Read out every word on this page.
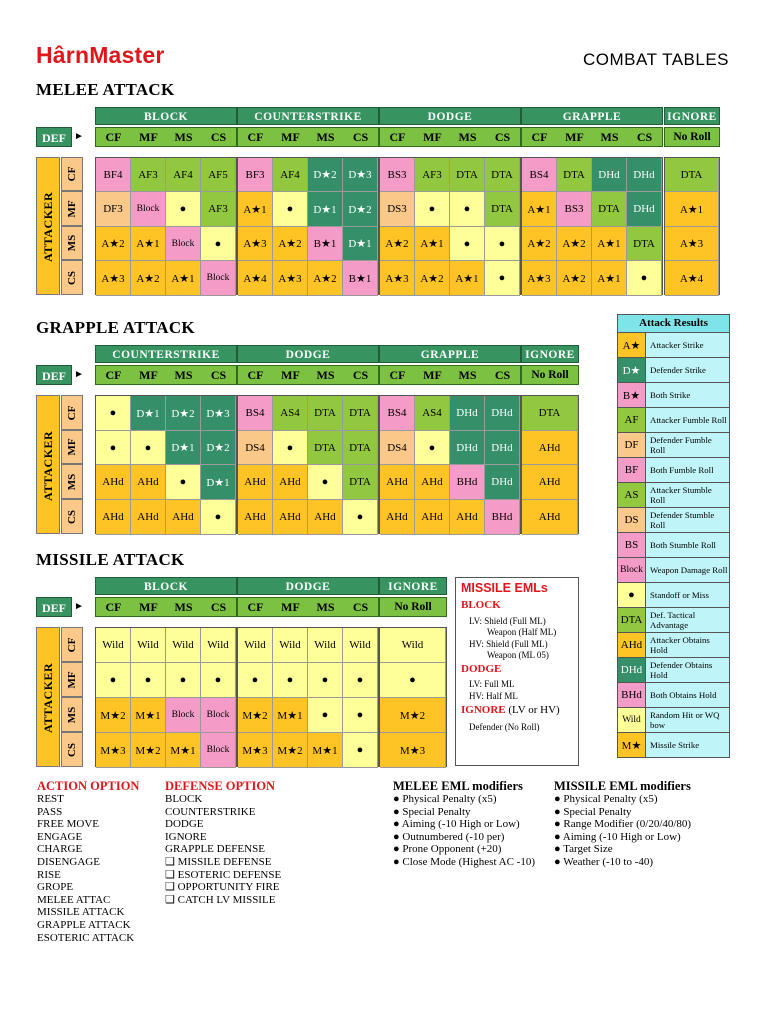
HârnMaster	COMBAT TABLES
MELEE ATTACK
DEF ►
ATTACKER
CF
MF
MS
CS
BLOCK
CF	MF	MS	CS
BF4	AF3	AF4	AF5
DF3	Block	●	AF3
A★2	A★1	Block	●
A★3	A★2	A★1	Block
COUNTERSTRIKE
CF	MF	MS	CS
BF3	AF4	D★2	D★3
A★1	●	D★1	D★2
A★3	A★2	B★1	D★1
A★4	A★3	A★2	B★1
DODGE
CF	MF	MS	CS
BS3	AF3	DTA	DTA
DS3	●	●	DTA
A★2	A★1	●	●
A★3	A★2	A★1	●
GRAPPLE
CF	MF	MS	CS
BS4	DTA	DHd	DHd
A★1	BS3	DTA	DHd
A★2	A★2	A★1	DTA
A★3	A★2	A★1	●
IGNORE
No Roll
DTA
A★1
A★3
A★4
GRAPPLE ATTACK
DEF ►
ATTACKER
CF
MF
MS
CS
COUNTERSTRIKE
CF	MF	MS	CS
●	D★1	D★2	D★3
●	●	D★1	D★2
AHd	AHd	●	D★1
AHd	AHd	AHd	●
DODGE
CF	MF	MS	CS
BS4	AS4	DTA	DTA
DS4	●	DTA	DTA
AHd	AHd	●	DTA
AHd	AHd	AHd	●
GRAPPLE
CF	MF	MS	CS
BS4	AS4	DHd	DHd
DS4	●	DHd	DHd
AHd	AHd	BHd	DHd
AHd	AHd	AHd	BHd
IGNORE
No Roll
DTA
AHd
AHd
AHd
MISSILE ATTACK
DEF ►
ATTACKER
CF
MF
MS
CS
BLOCK
CF	MF	MS	CS
Wild	Wild	Wild	Wild
●	●	●	●
M★2 M★1	Block	Block
M★3 M★2 M★1	Block
DODGE
CF	MF	MS	CS
Wild	Wild	Wild	Wild
●	●	●	●
M★2 M★1	●	●
M★3 M★2 M★1	●
IGNORE
No Roll
Wild
●
M★2
M★3
Attack Results
A★	Attacker Strike
D★	Defender Strike
B★	Both Strike
AF	Attacker Fumble Roll
DF	Defender Fumble Roll
BF	Both Fumble Roll
AS	Attacker Stumble Roll
DS	Defender Stumble Roll
BS	Both Stumble Roll
Block Weapon Damage Roll
●	Standoff or Miss
DTA Def. Tactical Advantage
AHd Attacker Obtains Hold
DHd Defender Obtains Hold
BHd Both Obtains Hold
Wild	Random Hit or WQ bow
M★ Missile Strike
MISSILE EMLs
BLOCK
LV: Shield (Full ML)
Weapon (Half ML)
HV: Shield (Full ML)
Weapon (ML 05)
DODGE
LV: Full ML
HV: Half ML
IGNORE (LV or HV)
Defender (No Roll)
ACTION OPTION
REST
PASS
FREE MOVE
ENGAGE
CHARGE
DISENGAGE
RISE
GROPE
MELEE ATTAC
MISSILE ATTACK
GRAPPLE ATTACK
ESOTERIC ATTACK
DEFENSE OPTION
BLOCK
COUNTERSTRIKE
DODGE
IGNORE
GRAPPLE DEFENSE
❑ MISSILE DEFENSE
❑ ESOTERIC DEFENSE
❑ OPPORTUNITY FIRE
❑ CATCH LV MISSILE
MELEE EML modifiers
● Physical Penalty (x5)
● Special Penalty
● Aiming (-10 High or Low)
● Outnumbered (-10 per)
● Prone Opponent (+20)
● Close Mode (Highest AC -10)
MISSILE EML modifiers
● Physical Penalty (x5)
● Special Penalty
● Range Modifier (0/20/40/80)
● Aiming (-10 High or Low)
● Target Size
● Weather (-10 to -40)
